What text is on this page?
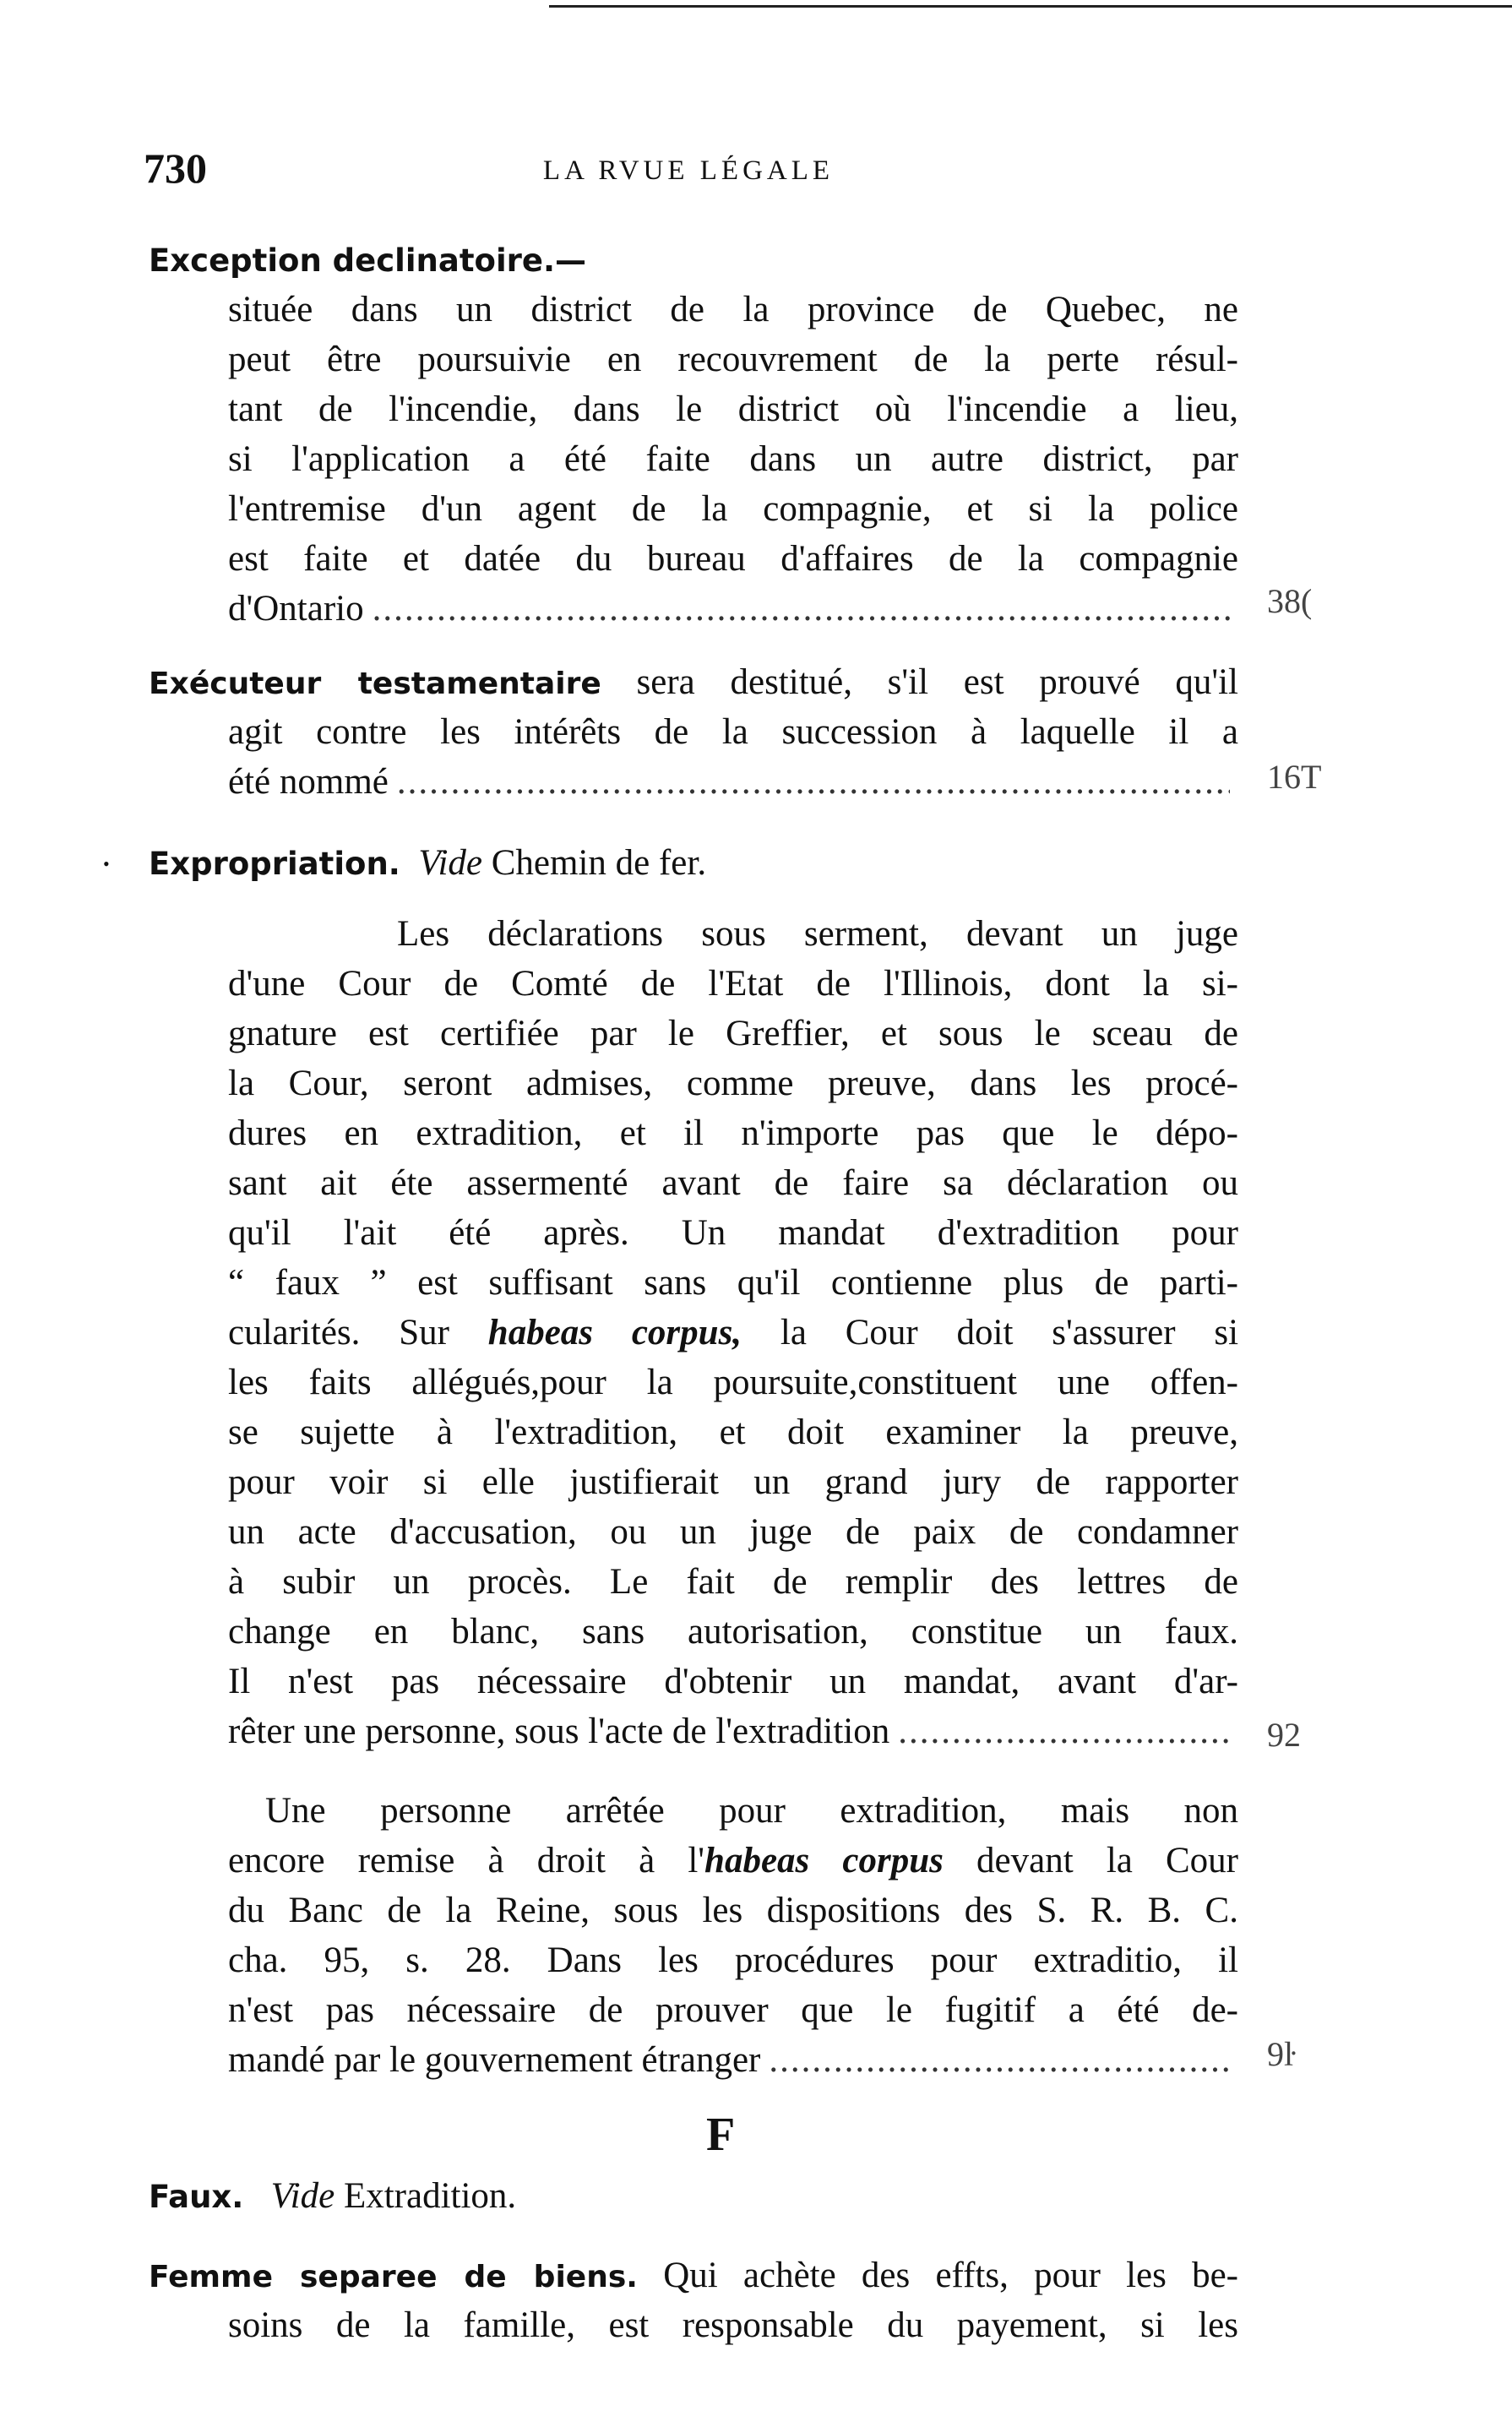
730	LA RVUE LÉGALE
•
Exception declinatoire.—
située dans un district de la province de Quebec, ne
peut être poursuivie en recouvrement de la perte résul-
tant de l'incendie, dans le district où l'incendie a lieu,
si l'application a été faite dans un autre district, par
l'entremise d'un agent de la compagnie, et si la police
est faite et datée du bureau d'affaires de la compagnie
d'Ontario .....	38(
Exécuteur testamentaire sera destitué, s'il est prouvé qu'il
agit contre les intérêts de la succession à laquelle il a
été nommé .....	16T
Expropriation. Vide Chemin de fer.
Les déclarations sous serment, devant un juge
d'une Cour de Comté de l'Etat de l'Illinois, dont la si-
gnature est certifiée par le Greffier, et sous le sceau de
la Cour, seront admises, comme preuve, dans les procé-
dures en extradition, et il n'importe pas que le dépo-
sant ait éte assermenté avant de faire sa déclaration ou
qu'il l'ait été après. Un mandat d'extradition pour
“ faux ” est suffisant sans qu'il contienne plus de parti-
cularités. Sur habeas corpus, la Cour doit s'assurer si
les faits allégués,pour la poursuite,constituent une offen-
se sujette à l'extradition, et doit examiner la preuve,
pour voir si elle justifierait un grand jury de rapporter
un acte d'accusation, ou un juge de paix de condamner
à subir un procès. Le fait de remplir des lettres de
change en blanc, sans autorisation, constitue un faux.
Il n'est pas nécessaire d'obtenir un mandat, avant d'ar-
rêter une personne, sous l'acte de l'extradition .....	92
Une personne arrêtée pour extradition, mais non
encore remise à droit à l'habeas corpus devant la Cour
du Banc de la Reine, sous les dispositions des S. R. B. C.
cha. 95, s. 28. Dans les procédures pour extraditio, il
n'est pas nécessaire de prouver que le fugitif a été de-
mandé par le gouvernement étranger .....	9ŀ
F
Faux. Vide Extradition.
Femme separee de biens. Qui achète des effts, pour les be-
soins de la famille, est responsable du payement, si les
